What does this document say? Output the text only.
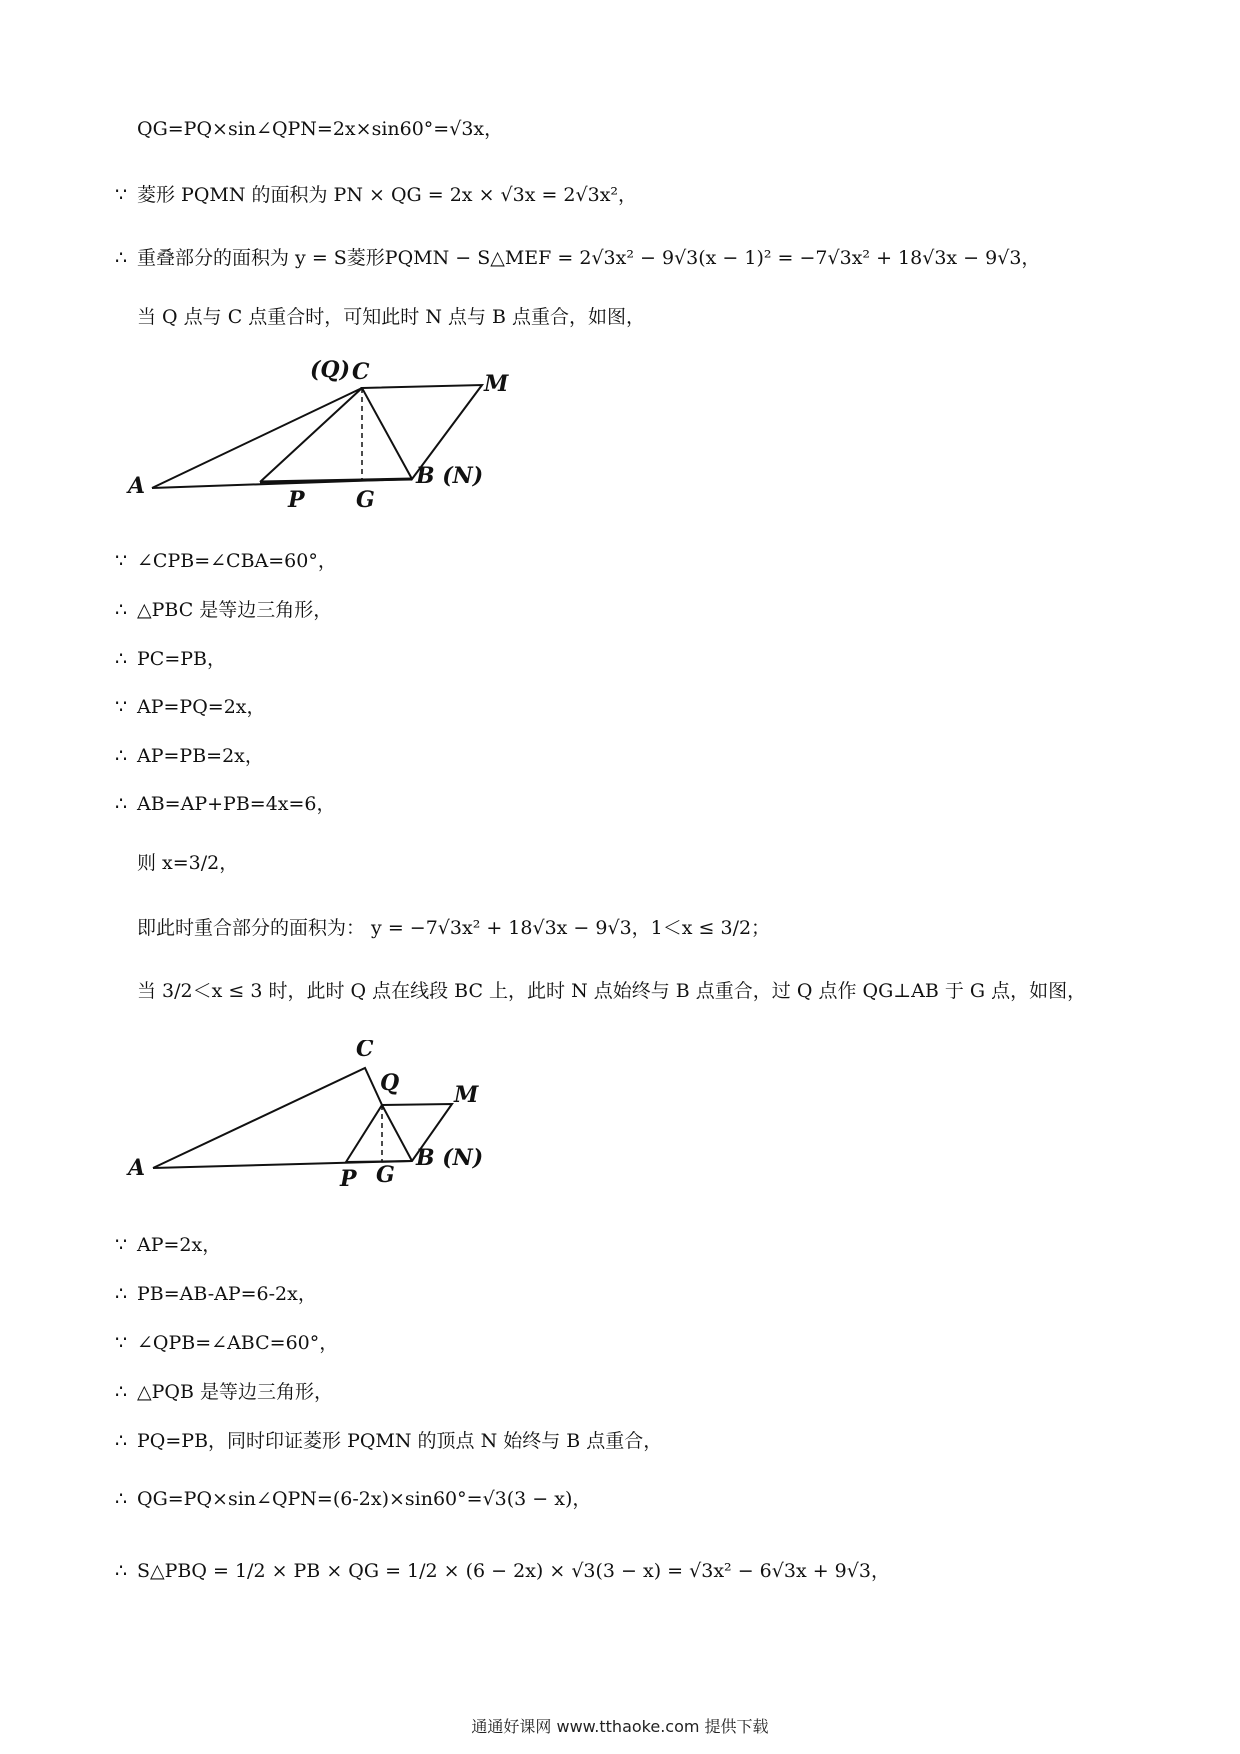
QG=PQ×sin∠QPN=2x×sin60°=√3x，
∵ 菱形 PQMN 的面积为 PN × QG = 2x × √3x = 2√3x²，
∴ 重叠部分的面积为 y = S菱形PQMN − S△MEF = 2√3x² − 9√3(x − 1)² = −7√3x² + 18√3x − 9√3，
当 Q 点与 C 点重合时，可知此时 N 点与 B 点重合，如图，
(Q) C	M
A
P G
B (N)
∵ ∠CPB=∠CBA=60°，
∴ △PBC 是等边三角形，
∴ PC=PB，
∵ AP=PQ=2x，
∴ AP=PB=2x，
∴ AB=AP+PB=4x=6，
则 x=3/2，
即此时重合部分的面积为： y = −7√3x² + 18√3x − 9√3，1＜x ≤ 3/2；
当 3/2＜x ≤ 3 时，此时 Q 点在线段 BC 上，此时 N 点始终与 B 点重合，过 Q 点作 QG⊥AB 于 G 点，如图，
C
Q M
A	P G
B (N)
∵ AP=2x，
∴ PB=AB-AP=6-2x，
∵ ∠QPB=∠ABC=60°，
∴ △PQB 是等边三角形，
∴ PQ=PB，同时印证菱形 PQMN 的顶点 N 始终与 B 点重合，
∴ QG=PQ×sin∠QPN=(6-2x)×sin60°=√3(3 − x)，
∴ S△PBQ = 1/2 × PB × QG = 1/2 × (6 − 2x) × √3(3 − x) = √3x² − 6√3x + 9√3，
通通好课网 www.tthaoke.com 提供下载
